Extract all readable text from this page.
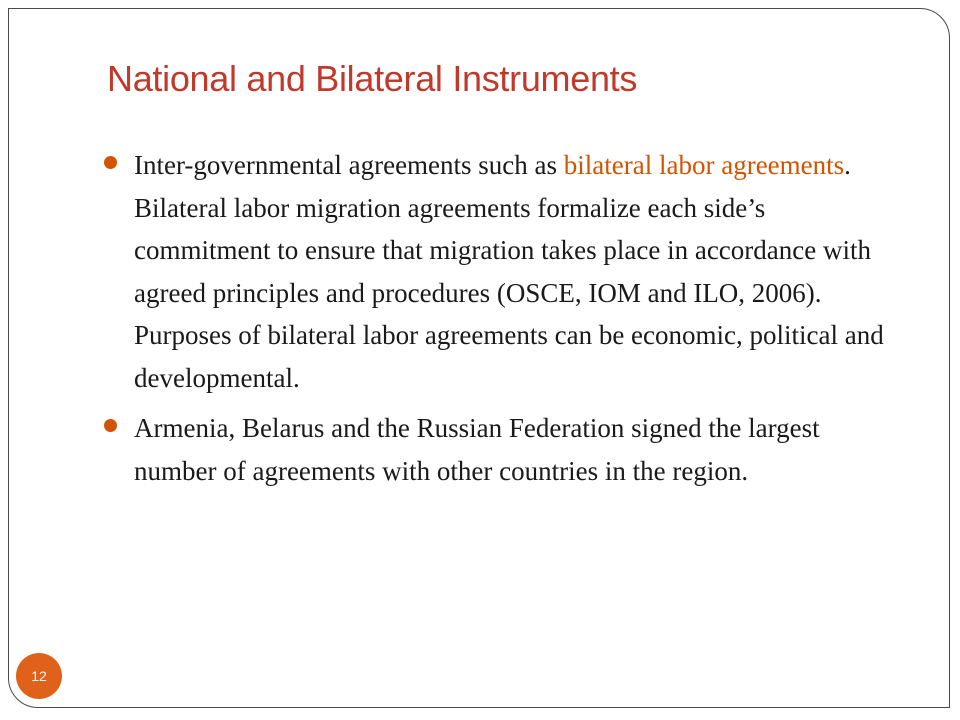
National and Bilateral Instruments
Inter-governmental agreements such as bilateral labor agreements. Bilateral labor migration agreements formalize each side’s commitment to ensure that migration takes place in accordance with agreed principles and procedures (OSCE, IOM and ILO, 2006). Purposes of bilateral labor agreements can be economic, political and developmental.
Armenia, Belarus and the Russian Federation signed the largest number of agreements with other countries in the region.
12
